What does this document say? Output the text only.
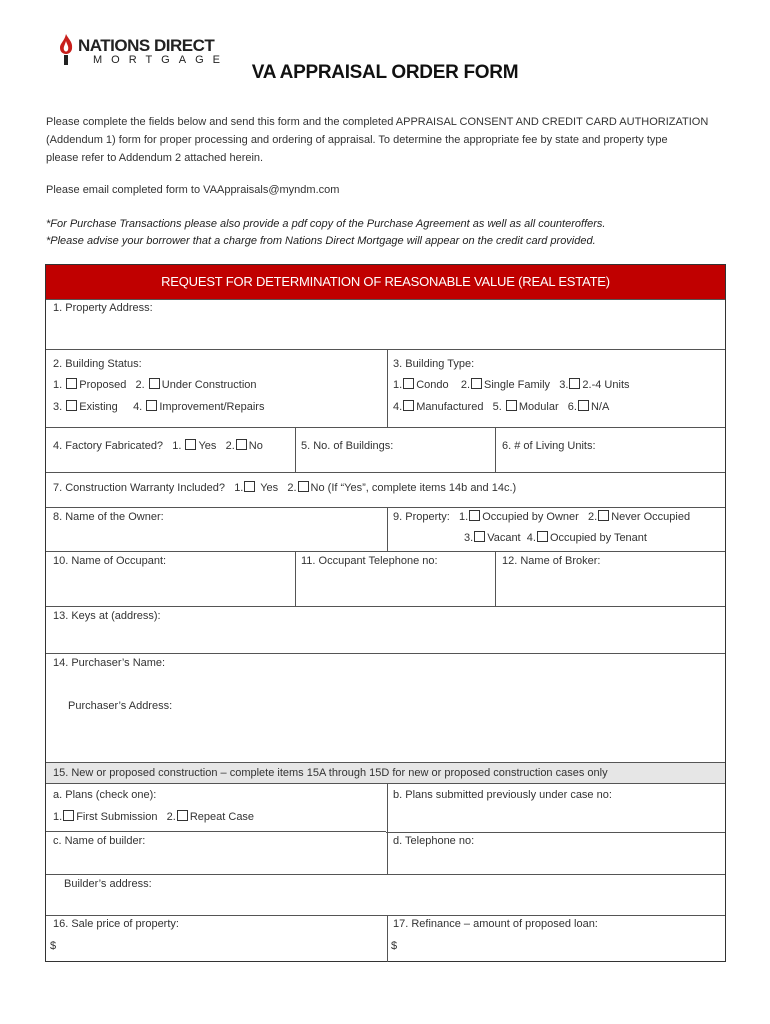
NATIONS DIRECT
MORTGAGE
VA APPRAISAL ORDER FORM
Please complete the fields below and send this form and the completed APPRAISAL CONSENT AND CREDIT CARD AUTHORIZATION
(Addendum 1) form for proper processing and ordering of appraisal. To determine the appropriate fee by state and property type
please refer to Addendum 2 attached herein.
Please email completed form to VAAppraisals@myndm.com
*For Purchase Transactions please also provide a pdf copy of the Purchase Agreement as well as all counteroffers.
*Please advise your borrower that a charge from Nations Direct Mortgage will appear on the credit card provided.
REQUEST FOR DETERMINATION OF REASONABLE VALUE (REAL ESTATE)
1. Property Address:
2. Building Status:
1. Proposed 2. Under Construction
3. Existing 4. Improvement/Repairs
3. Building Type:
1. Condo 2. Single Family 3. 2.-4 Units
4. Manufactured 5. Modular 6. N/A
4. Factory Fabricated? 1. Yes 2. No	5. No. of Buildings:	6. # of Living Units:
7. Construction Warranty Included? 1. Yes 2. No (If “Yes”, complete items 14b and 14c.)
8. Name of the Owner:	9. Property: 1. Occupied by Owner 2. Never Occupied
3. Vacant 4. Occupied by Tenant
10. Name of Occupant:	11. Occupant Telephone no:	12. Name of Broker:
13. Keys at (address):
14. Purchaser’s Name:
Purchaser’s Address:
15. New or proposed construction – complete items 15A through 15D for new or proposed construction cases only
a. Plans (check one):
1. First Submission 2. Repeat Case
b. Plans submitted previously under case no:
c. Name of builder:	d. Telephone no:
Builder’s address:
16. Sale price of property:	17. Refinance – amount of proposed loan:
$	$
